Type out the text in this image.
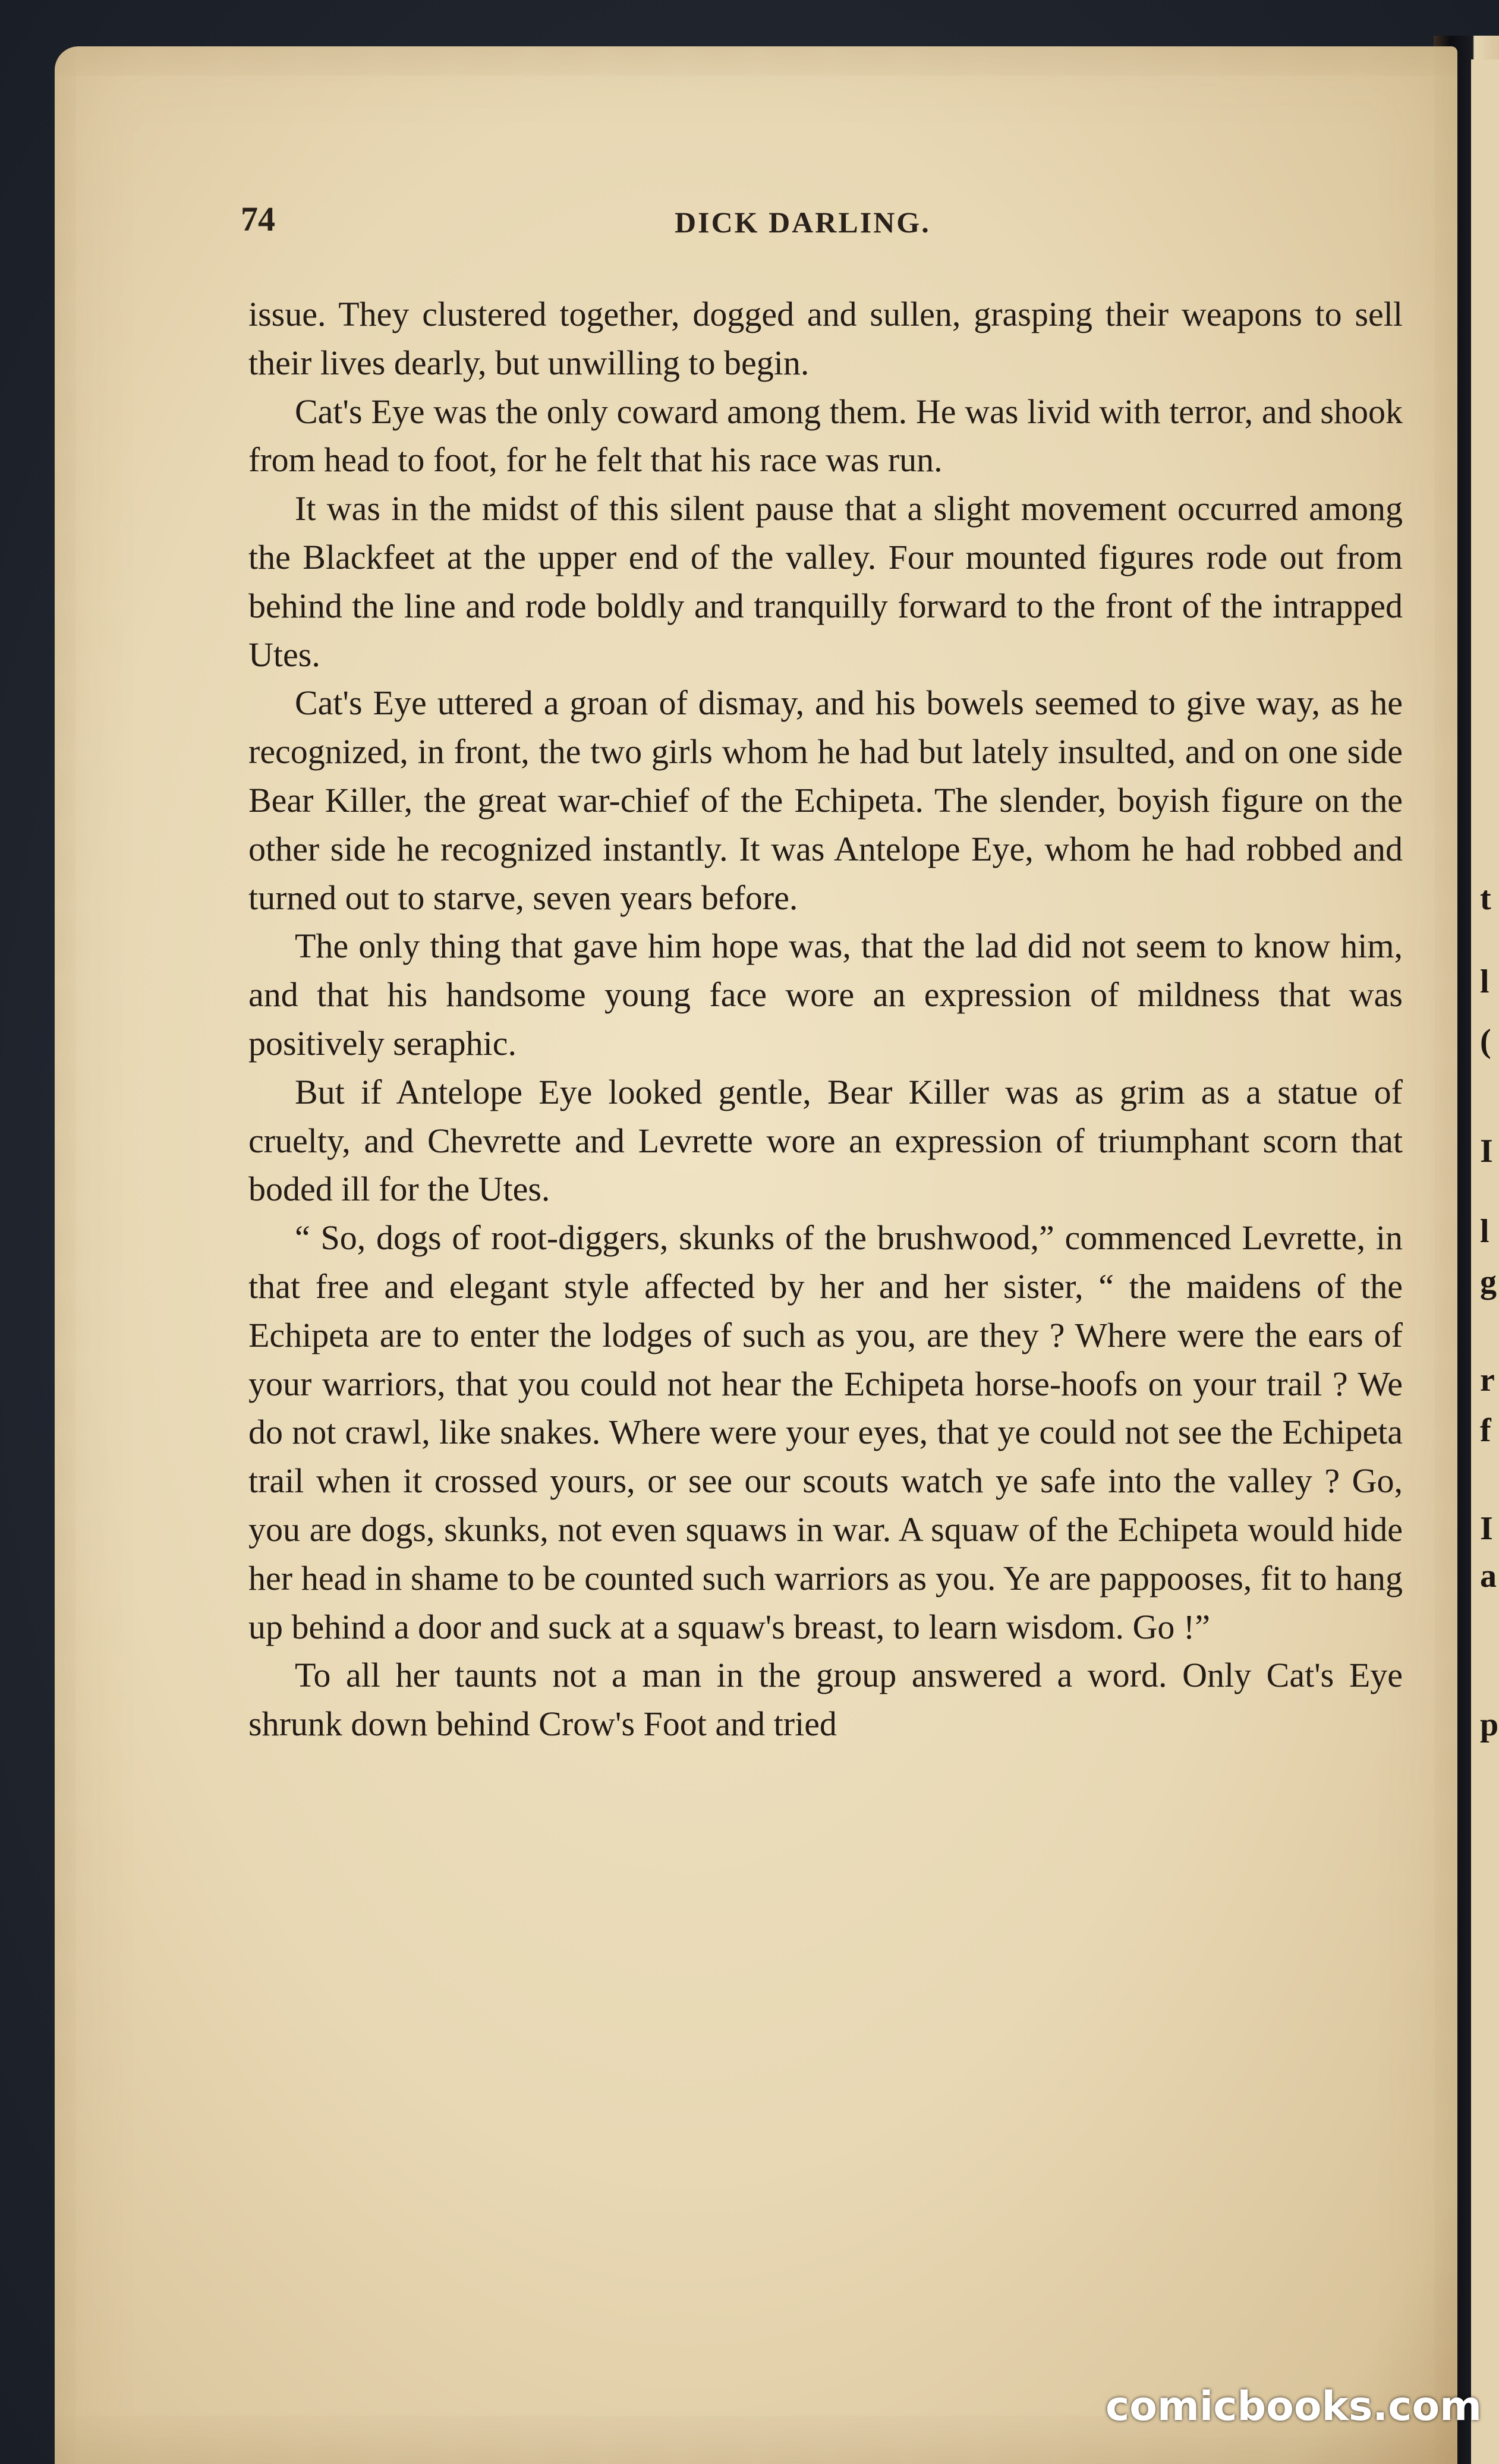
74	DICK DARLING.

issue. They clustered together, dogged and sullen, grasping their weapons to sell their lives dearly, but unwilling to begin.

Cat's Eye was the only coward among them. He was livid with terror, and shook from head to foot, for he felt that his race was run.

It was in the midst of this silent pause that a slight movement occurred among the Blackfeet at the upper end of the valley. Four mounted figures rode out from behind the line and rode boldly and tranquilly forward to the front of the intrapped Utes.

Cat's Eye uttered a groan of dismay, and his bowels seemed to give way, as he recognized, in front, the two girls whom he had but lately insulted, and on one side Bear Killer, the great war-chief of the Echipeta. The slender, boyish figure on the other side he recognized instantly. It was Antelope Eye, whom he had robbed and turned out to starve, seven years before.

The only thing that gave him hope was, that the lad did not seem to know him, and that his handsome young face wore an expression of mildness that was positively seraphic.

But if Antelope Eye looked gentle, Bear Killer was as grim as a statue of cruelty, and Chevrette and Levrette wore an expression of triumphant scorn that boded ill for the Utes.

“ So, dogs of root-diggers, skunks of the brushwood,” commenced Levrette, in that free and elegant style affected by her and her sister, “ the maidens of the Echipeta are to enter the lodges of such as you, are they ? Where were the ears of your warriors, that you could not hear the Echipeta horse-hoofs on your trail ? We do not crawl, like snakes. Where were your eyes, that ye could not see the Echipeta trail when it crossed yours, or see our scouts watch ye safe into the valley ? Go, you are dogs, skunks, not even squaws in war. A squaw of the Echipeta would hide her head in shame to be counted such warriors as you. Ye are pappooses, fit to hang up behind a door and suck at a squaw's breast, to learn wisdom. Go !”

To all her taunts not a man in the group answered a word. Only Cat's Eye shrunk down behind Crow's Foot and tried

t
l
(
I
l
g
r
f
I
a
p
comicbooks.com
